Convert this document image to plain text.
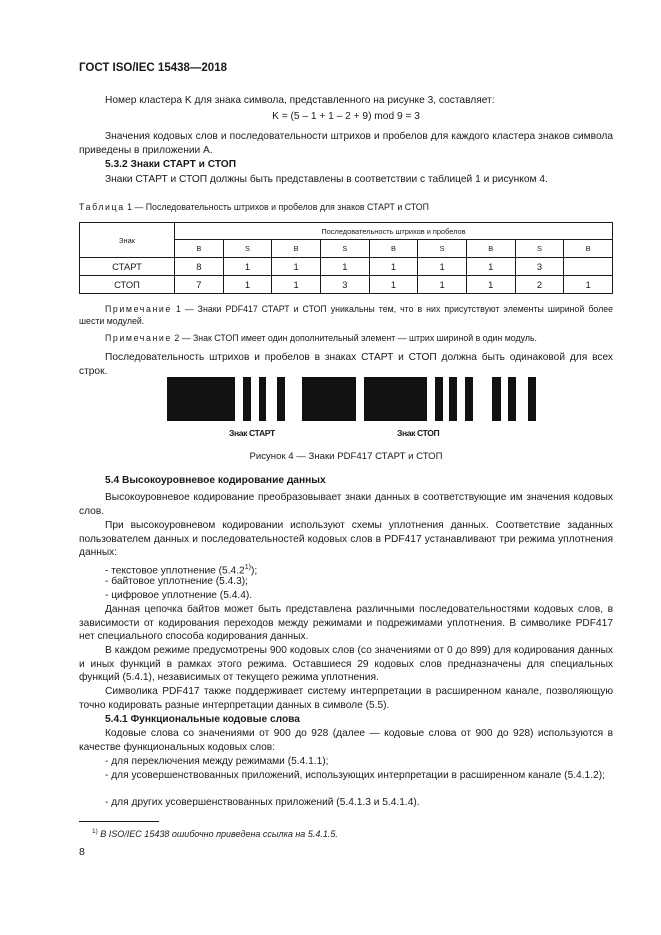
ГОСТ ISO/IEC 15438—2018
Номер кластера K для знака символа, представленного на рисунке 3, составляет:
K = (5 – 1 + 1 – 2 + 9) mod 9 = 3
Значения кодовых слов и последовательности штрихов и пробелов для каждого кластера знаков символа приведены в приложении А.
5.3.2 Знаки СТАРТ и СТОП
Знаки СТАРТ и СТОП должны быть представлены в соответствии с таблицей 1 и рисунком 4.
Таблица 1 — Последовательность штрихов и пробелов для знаков СТАРТ и СТОП
Знак	Последовательность штрихов и пробелов								
	B	S	B	S	B	S	B	S	B
СТАРТ	8	1	1	1	1	1	1	3	
СТОП	7	1	1	3	1	1	1	2	1
Примечание 1 — Знаки PDF417 СТАРТ и СТОП уникальны тем, что в них присутствуют элементы шириной более шести модулей.
Примечание 2 — Знак СТОП имеет один дополнительный элемент — штрих шириной в один модуль.
Последовательность штрихов и пробелов в знаках СТАРТ и СТОП должна быть одинаковой для всех строк.
Знак СТАРТ	Знак СТОП
Рисунок 4 — Знаки PDF417 СТАРТ и СТОП
5.4 Высокоуровневое кодирование данных
Высокоуровневое кодирование преобразовывает знаки данных в соответствующие им значения кодовых слов.
При высокоуровневом кодировании используют схемы уплотнения данных. Соответствие заданных пользователем данных и последовательностей кодовых слов в PDF417 устанавливают три режима уплотнения данных:
- текстовое уплотнение (5.4.2$^{1)}$);
- байтовое уплотнение (5.4.3);
- цифровое уплотнение (5.4.4).
Данная цепочка байтов может быть представлена различными последовательностями кодовых слов, в зависимости от кодирования переходов между режимами и подрежимами уплотнения. В символике PDF417 нет специального способа кодирования данных.
В каждом режиме предусмотрены 900 кодовых слов (со значениями от 0 до 899) для кодирования данных и иных функций в рамках этого режима. Оставшиеся 29 кодовых слов предназначены для специальных функций (5.4.1), независимых от текущего режима уплотнения.
Символика PDF417 также поддерживает систему интерпретации в расширенном канале, позволяющую точно кодировать разные интерпретации данных в символе (5.5).
5.4.1 Функциональные кодовые слова
Кодовые слова со значениями от 900 до 928 (далее — кодовые слова от 900 до 928) используются в качестве функциональных кодовых слов:
- для переключения между режимами (5.4.1.1);
- для усовершенствованных приложений, использующих интерпретации в расширенном канале (5.4.1.2);
- для других усовершенствованных приложений (5.4.1.3 и 5.4.1.4).
$^{1)}$ В ISO/IEC 15438 ошибочно приведена ссылка на 5.4.1.5.
8
